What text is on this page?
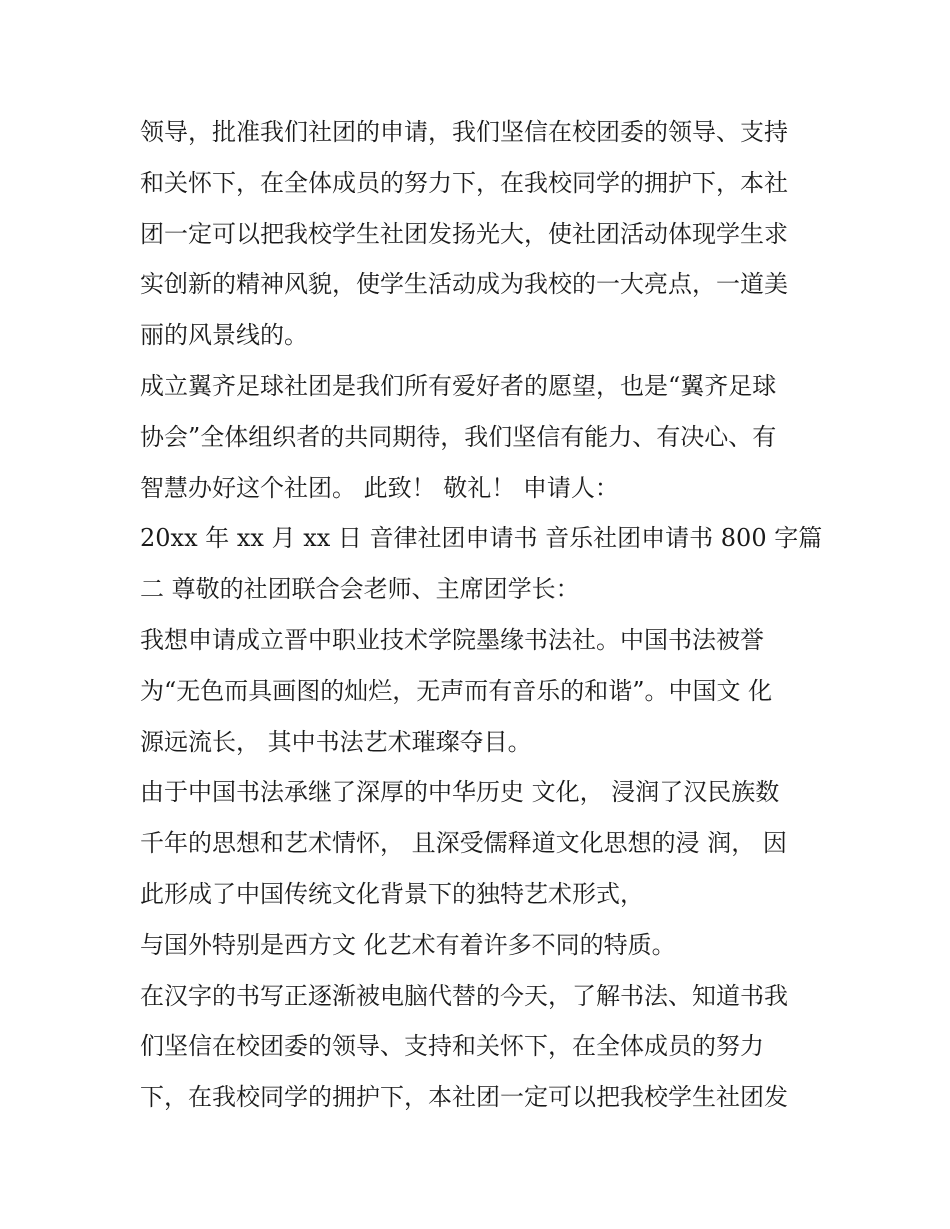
领导，批准我们社团的申请，我们坚信在校团委的领导、支持
和关怀下，在全体成员的努力下，在我校同学的拥护下，本社
团一定可以把我校学生社团发扬光大，使社团活动体现学生求
实创新的精神风貌，使学生活动成为我校的一大亮点，一道美
丽的风景线的。
成立翼齐足球社团是我们所有爱好者的愿望，也是“翼齐足球
协会”全体组织者的共同期待，我们坚信有能力、有决心、有
智慧办好这个社团。 此致！ 敬礼！ 申请人：
20xx 年 xx 月 xx 日 音律社团申请书 音乐社团申请书 800 字篇
二 尊敬的社团联合会老师、主席团学长：
我想申请成立晋中职业技术学院墨缘书法社。中国书法被誉
为“无色而具画图的灿烂，无声而有音乐的和谐”。中国文 化
源远流长， 其中书法艺术璀璨夺目。
由于中国书法承继了深厚的中华历史 文化， 浸润了汉民族数
千年的思想和艺术情怀， 且深受儒释道文化思想的浸 润， 因
此形成了中国传统文化背景下的独特艺术形式，
与国外特别是西方文 化艺术有着许多不同的特质。
在汉字的书写正逐渐被电脑代替的今天，了解书法、知道书我
们坚信在校团委的领导、支持和关怀下，在全体成员的努力
下，在我校同学的拥护下，本社团一定可以把我校学生社团发
